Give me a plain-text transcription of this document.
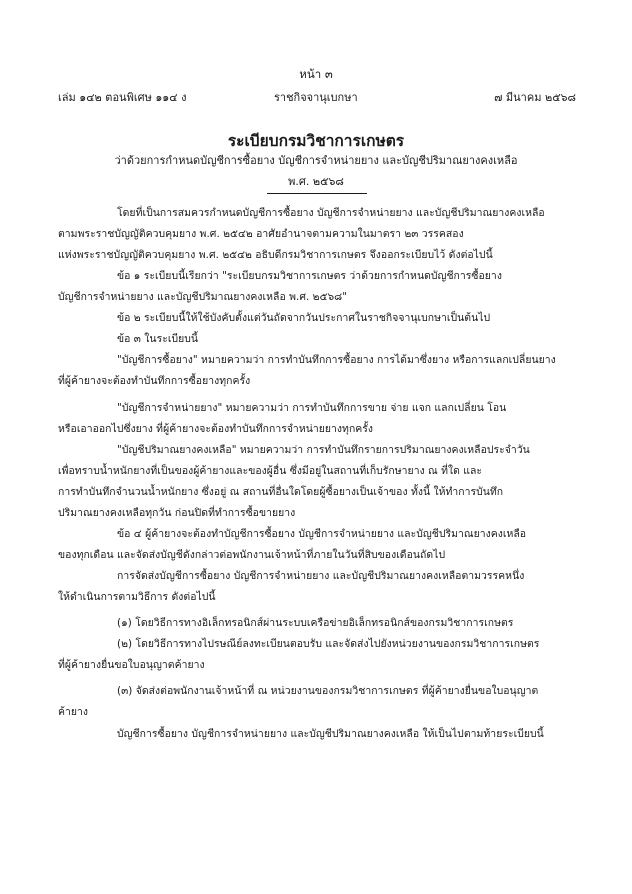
หน้า ๓
เล่ม ๑๔๒ ตอนพิเศษ ๑๑๔ ง	ราชกิจจานุเบกษา	๗ มีนาคม ๒๕๖๘
ระเบียบกรมวิชาการเกษตร
ว่าด้วยการกำหนดบัญชีการซื้อยาง บัญชีการจำหน่ายยาง และบัญชีปริมาณยางคงเหลือ
พ.ศ. ๒๕๖๘
โดยที่เป็นการสมควรกำหนดบัญชีการซื้อยาง บัญชีการจำหน่ายยาง และบัญชีปริมาณยางคงเหลือ
ตามพระราชบัญญัติควบคุมยาง พ.ศ. ๒๕๔๒ อาศัยอำนาจตามความในมาตรา ๒๓ วรรคสอง
แห่งพระราชบัญญัติควบคุมยาง พ.ศ. ๒๕๔๒ อธิบดีกรมวิชาการเกษตร จึงออกระเบียบไว้ ดังต่อไปนี้
ข้อ ๑ ระเบียบนี้เรียกว่า "ระเบียบกรมวิชาการเกษตร ว่าด้วยการกำหนดบัญชีการซื้อยาง
บัญชีการจำหน่ายยาง และบัญชีปริมาณยางคงเหลือ พ.ศ. ๒๕๖๘"
ข้อ ๒ ระเบียบนี้ให้ใช้บังคับตั้งแต่วันถัดจากวันประกาศในราชกิจจานุเบกษาเป็นต้นไป
ข้อ ๓ ในระเบียบนี้
"บัญชีการซื้อยาง" หมายความว่า การทำบันทึกการซื้อยาง การได้มาซึ่งยาง หรือการแลกเปลี่ยนยาง
ที่ผู้ค้ายางจะต้องทำบันทึกการซื้อยางทุกครั้ง
"บัญชีการจำหน่ายยาง" หมายความว่า การทำบันทึกการขาย จ่าย แจก แลกเปลี่ยน โอน
หรือเอาออกไปซึ่งยาง ที่ผู้ค้ายางจะต้องทำบันทึกการจำหน่ายยางทุกครั้ง
"บัญชีปริมาณยางคงเหลือ" หมายความว่า การทำบันทึกรายการปริมาณยางคงเหลือประจำวัน
เพื่อทราบน้ำหนักยางที่เป็นของผู้ค้ายางและของผู้อื่น ซึ่งมีอยู่ในสถานที่เก็บรักษายาง ณ ที่ใด และ
การทำบันทึกจำนวนน้ำหนักยาง ซึ่งอยู่ ณ สถานที่อื่นใดโดยผู้ซื้อยางเป็นเจ้าของ ทั้งนี้ ให้ทำการบันทึก
ปริมาณยางคงเหลือทุกวัน ก่อนปิดที่ทำการซื้อขายยาง
ข้อ ๔ ผู้ค้ายางจะต้องทำบัญชีการซื้อยาง บัญชีการจำหน่ายยาง และบัญชีปริมาณยางคงเหลือ
ของทุกเดือน และจัดส่งบัญชีดังกล่าวต่อพนักงานเจ้าหน้าที่ภายในวันที่สิบของเดือนถัดไป
การจัดส่งบัญชีการซื้อยาง บัญชีการจำหน่ายยาง และบัญชีปริมาณยางคงเหลือตามวรรคหนึ่ง
ให้ดำเนินการตามวิธีการ ดังต่อไปนี้
(๑) โดยวิธีการทางอิเล็กทรอนิกส์ผ่านระบบเครือข่ายอิเล็กทรอนิกส์ของกรมวิชาการเกษตร
(๒) โดยวิธีการทางไปรษณีย์ลงทะเบียนตอบรับ และจัดส่งไปยังหน่วยงานของกรมวิชาการเกษตร
ที่ผู้ค้ายางยื่นขอใบอนุญาตค้ายาง
(๓) จัดส่งต่อพนักงานเจ้าหน้าที่ ณ หน่วยงานของกรมวิชาการเกษตร ที่ผู้ค้ายางยื่นขอใบอนุญาต
ค้ายาง
บัญชีการซื้อยาง บัญชีการจำหน่ายยาง และบัญชีปริมาณยางคงเหลือ ให้เป็นไปตามท้ายระเบียบนี้
